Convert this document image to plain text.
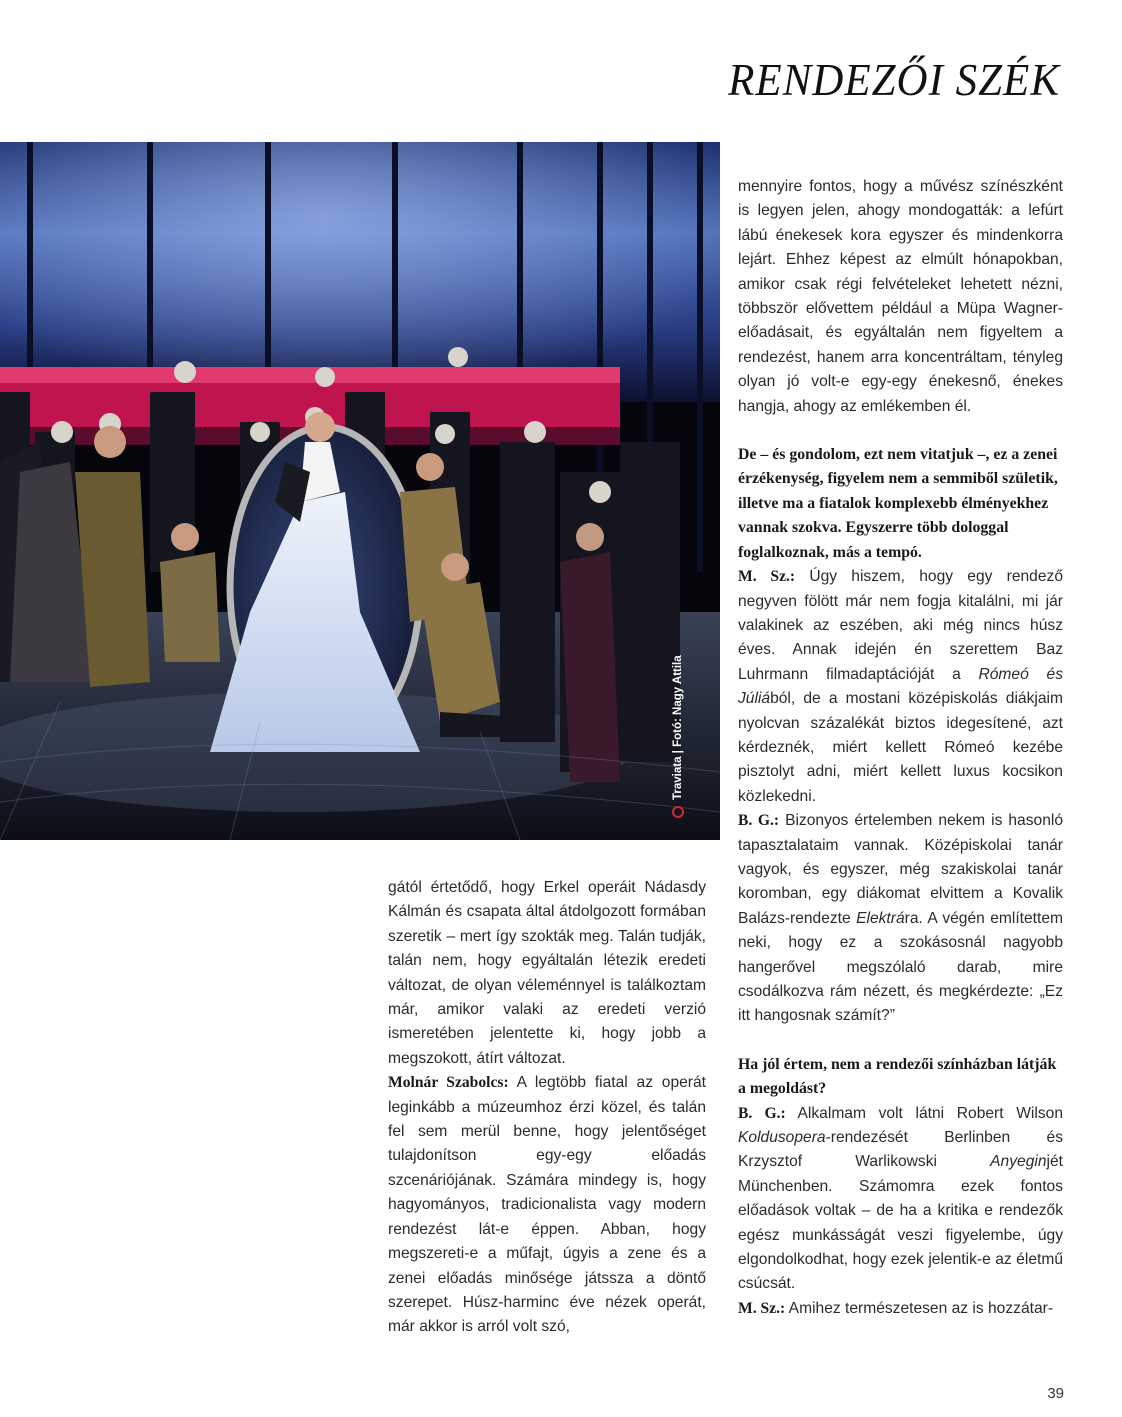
RENDEZŐI SZÉK
Traviata | Fotó: Nagy Attila

gától értetődő, hogy Erkel operáit Nádasdy Kálmán és csapata által átdolgozott formában szeretik – mert így szokták meg. Talán tudják, talán nem, hogy egyáltalán létezik eredeti változat, de olyan véleménnyel is találkoztam már, amikor valaki az eredeti verzió ismeretében jelentette ki, hogy jobb a megszokott, átírt változat.

Molnár Szabolcs: A legtöbb fiatal az operát leginkább a múzeumhoz érzi közel, és talán fel sem merül benne, hogy jelentőséget tulajdonítson egy-egy előadás szcenáriójának. Számára mindegy is, hogy hagyományos, tradicionalista vagy modern rendezést lát-e éppen. Abban, hogy megszereti-e a műfajt, úgyis a zene és a zenei előadás minősége játssza a döntő szerepet. Húsz-harminc éve nézek operát, már akkor is arról volt szó,

mennyire fontos, hogy a művész színészként is legyen jelen, ahogy mondogatták: a lefúrt lábú énekesek kora egyszer és mindenkorra lejárt. Ehhez képest az elmúlt hónapokban, amikor csak régi felvételeket lehetett nézni, többször elővettem például a Müpa Wagner-előadásait, és egyáltalán nem figyeltem a rendezést, hanem arra koncentráltam, tényleg olyan jó volt-e egy-egy énekesnő, énekes hangja, ahogy az emlékemben él.

De – és gondolom, ezt nem vitatjuk –, ez a zenei érzékenység, figyelem nem a semmiből születik, illetve ma a fiatalok komplexebb élményekhez vannak szokva. Egyszerre több dologgal foglalkoznak, más a tempó.

M. Sz.: Úgy hiszem, hogy egy rendező negyven fölött már nem fogja kitalálni, mi jár valakinek az eszében, aki még nincs húsz éves. Annak idején én szerettem Baz Luhrmann filmadaptációját a Rómeó és Júliából, de a mostani középiskolás diákjaim nyolcvan százalékát biztos idegesítené, azt kérdeznék, miért kellett Rómeó kezébe pisztolyt adni, miért kellett luxus kocsikon közlekedni.

B. G.: Bizonyos értelemben nekem is hasonló tapasztalataim vannak. Középiskolai tanár vagyok, és egyszer, még szakiskolai tanár koromban, egy diákomat elvittem a Kovalik Balázs-rendezte Elektrára. A végén említettem neki, hogy ez a szokásosnál nagyobb hangerővel megszólaló darab, mire csodálkozva rám nézett, és megkérdezte: „Ez itt hangosnak számít?”

Ha jól értem, nem a rendezői színházban látják a megoldást?

B. G.: Alkalmam volt látni Robert Wilson Koldusopera-rendezését Berlinben és Krzysztof Warlikowski Anyeginjét Münchenben. Számomra ezek fontos előadások voltak – de ha a kritika e rendezők egész munkásságát veszi figyelembe, úgy elgondolkodhat, hogy ezek jelentik-e az életmű csúcsát.

M. Sz.: Amihez természetesen az is hozzátar-

39
